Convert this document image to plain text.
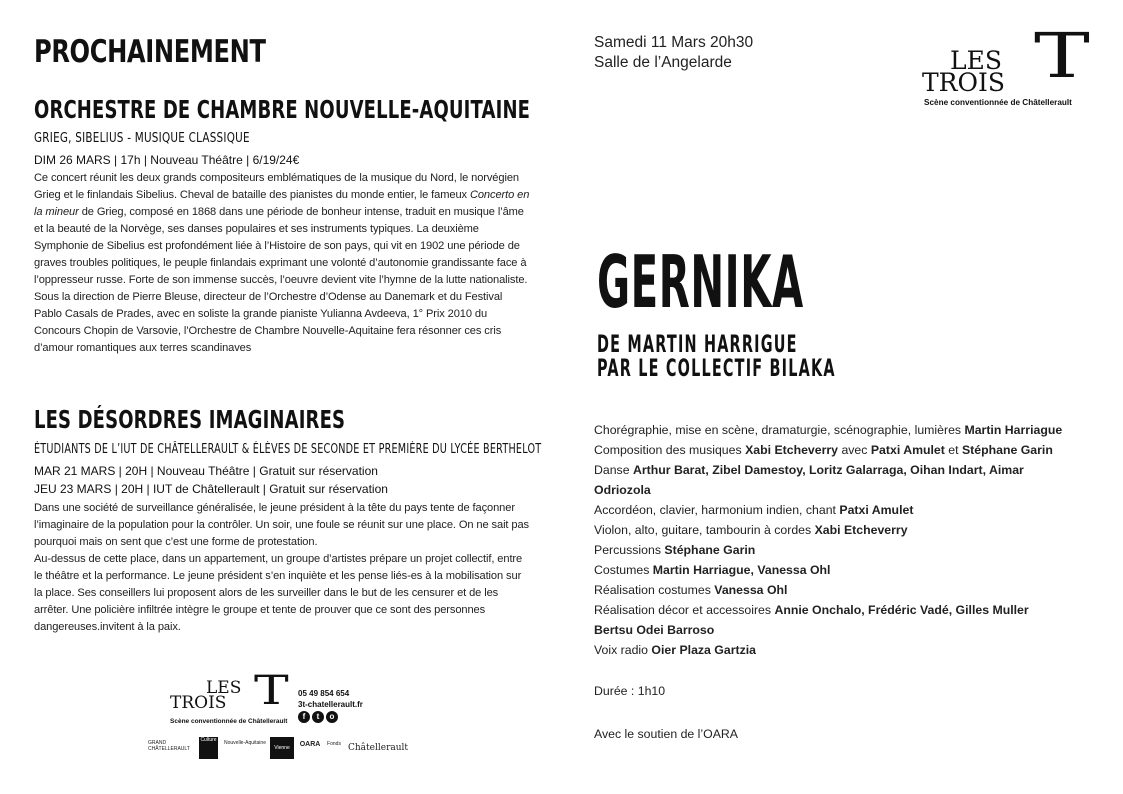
PROCHAINEMENT
ORCHESTRE DE CHAMBRE NOUVELLE-AQUITAINE
GRIEG, SIBELIUS - MUSIQUE CLASSIQUE
DIM 26 MARS | 17h | Nouveau Théâtre | 6/19/24€

Ce concert réunit les deux grands compositeurs emblématiques de la musique du Nord, le norvégien Grieg et le finlandais Sibelius. Cheval de bataille des pianistes du monde entier, le fameux Concerto en la mineur de Grieg, composé en 1868 dans une période de bonheur intense, traduit en musique l’âme et la beauté de la Norvège, ses danses populaires et ses instruments typiques. La deuxième Symphonie de Sibelius est profondément liée à l’Histoire de son pays, qui vit en 1902 une période de graves troubles politiques, le peuple finlandais exprimant une volonté d’autonomie grandissante face à l’oppresseur russe. Forte de son immense succès, l’oeuvre devient vite l’hymne de la lutte nationaliste.

Sous la direction de Pierre Bleuse, directeur de l’Orchestre d’Odense au Danemark et du Festival Pablo Casals de Prades, avec en soliste la grande pianiste Yulianna Avdeeva, 1° Prix 2010 du Concours Chopin de Varsovie, l’Orchestre de Chambre Nouvelle-Aquitaine fera résonner ces cris d’amour romantiques aux terres scandinaves

LES DÉSORDRES IMAGINAIRES
ÉTUDIANTS DE L’IUT DE CHÂTELLERAULT & ÉLÈVES DE SECONDE ET PREMIÈRE DU LYCÉE BERTHELOT
MAR 21 MARS | 20H | Nouveau Théâtre | Gratuit sur réservation
JEU 23 MARS | 20H | IUT de Châtellerault | Gratuit sur réservation

Dans une société de surveillance généralisée, le jeune président à la tête du pays tente de façonner l’imaginaire de la population pour la contrôler. Un soir, une foule se réunit sur une place. On ne sait pas pourquoi mais on sent que c’est une forme de protestation.

Au-dessus de cette place, dans un appartement, un groupe d’artistes prépare un projet collectif, entre le théâtre et la performance. Le jeune président s’en inquiète et les pense liés-es à la mobilisation sur la place. Ses conseillers lui proposent alors de les surveiller dans le but de les censurer et de les arrêter. Une policière infiltrée intègre le groupe et tente de prouver que ce sont des personnes dangereuses.invitent à la paix.

LES
TROIS T
Scène conventionnée de Châtellerault
05 49 854 654
3t-chatellerault.fr
f t o
GRAND CHÂTELLERAULT
Culture Nouvelle-Aquitaine
Vienne	OARA	Fonds Châtellerault
Samedi 11 Mars 20h30
Salle de l’Angelarde	LES
TROIS T
Scène conventionnée de Châtellerault
GERNIKA
DE MARTIN HARRIGUE
PAR LE COLLECTIF BILAKA
Chorégraphie, mise en scène, dramaturgie, scénographie, lumières Martin Harriague
Composition des musiques Xabi Etcheverry avec Patxi Amulet et Stéphane Garin
Danse Arthur Barat, Zibel Damestoy, Loritz Galarraga, Oihan Indart, Aimar
Odriozola
Accordéon, clavier, harmonium indien, chant Patxi Amulet
Violon, alto, guitare, tambourin à cordes Xabi Etcheverry
Percussions Stéphane Garin
Costumes Martin Harriague, Vanessa Ohl
Réalisation costumes Vanessa Ohl
Réalisation décor et accessoires Annie Onchalo, Frédéric Vadé, Gilles Muller
Bertsu Odei Barroso
Voix radio Oier Plaza Gartzia
Durée : 1h10
Avec le soutien de l’OARA
